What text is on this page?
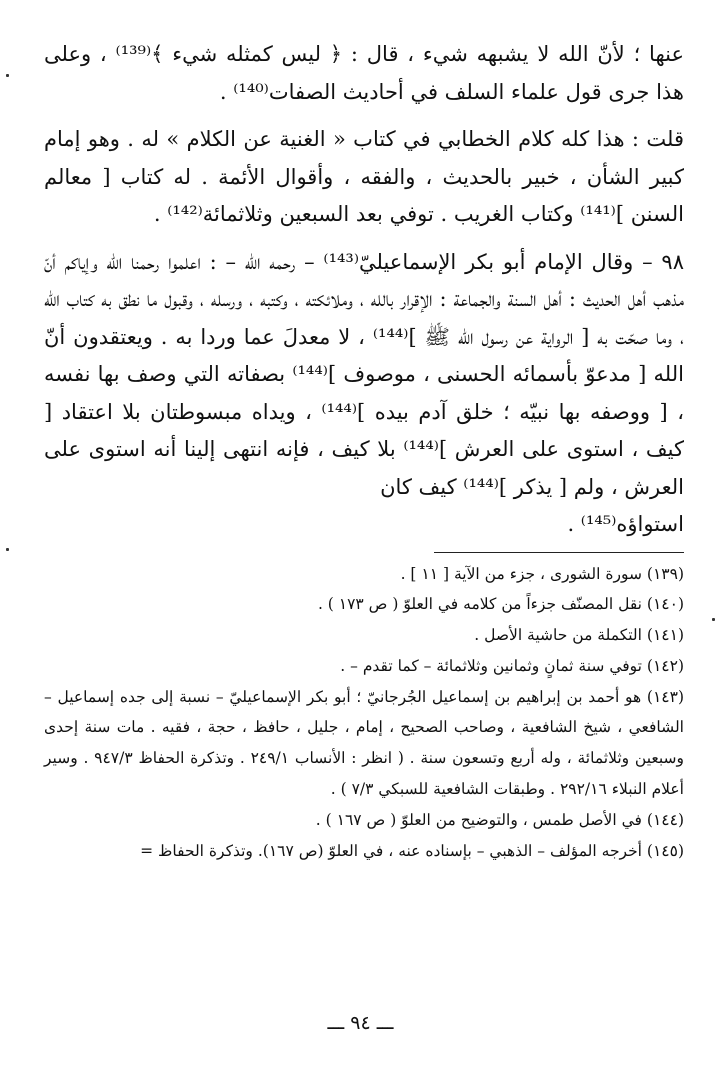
عنها ؛ لأنّ الله لا يشبهه شيء ، قال : ﴿ ليس كمثله شيء ﴾⁽¹³⁹⁾ ، وعلى هذا جرى قول علماء السلف في أحاديث الصفات⁽¹⁴⁰⁾ .

قلت : هذا كله كلام الخطابي في كتاب « الغنية عن الكلام » له . وهو إمام كبير الشأن ، خبير بالحديث ، والفقه ، وأقوال الأئمة . له كتاب [ معالم السنن ]⁽¹⁴¹⁾ وكتاب الغريب . توفي بعد السبعين وثلاثمائة⁽¹⁴²⁾ .

٩٨ – وقال الإمام أبو بكر الإسماعيليّ⁽¹⁴³⁾ – رحمه الله – : اعلموا رحمنا الله وإياكم أنّ مذهب أهل الحديث : أهل السنة والجماعة : الإقرار بالله ، وملائكته ، وكتبه ، ورسله ، وقبول ما نطق به كتاب الله ، وما صحّت به [ الرواية عن رسول الله ﷺ ]⁽¹⁴⁴⁾ ، لا معدلَ عما وردا به . ويعتقدون أنّ الله [ مدعوّ بأسمائه الحسنى ، موصوف ]⁽¹⁴⁴⁾ بصفاته التي وصف بها نفسه ، [ ووصفه بها نبيّه ؛ خلق آدم بيده ]⁽¹⁴⁴⁾ ، ويداه مبسوطتان بلا اعتقاد [ كيف ، استوى على العرش ]⁽¹⁴⁴⁾ بلا كيف ، فإنه انتهى إلينا أنه استوى على العرش ، ولم [ يذكر ]⁽¹⁴⁴⁾ كيف كان
استواؤه⁽¹⁴⁵⁾ .

(١٣٩) سورة الشورى ، جزء من الآية [ ١١ ] .

(١٤٠) نقل المصنّف جزءاً من كلامه في العلوّ ( ص ١٧٣ ) .

(١٤١) التكملة من حاشية الأصل .

(١٤٢) توفي سنة ثمانٍ وثمانين وثلاثمائة – كما تقدم – .

(١٤٣) هو أحمد بن إبراهيم بن إسماعيل الجُرجانيّ ؛ أبو بكر الإسماعيليّ – نسبة إلى جده إسماعيل – الشافعي ، شيخ الشافعية ، وصاحب الصحيح ، إمام ، جليل ، حافظ ، حجة ، فقيه . مات سنة إحدى وسبعين وثلاثمائة ، وله أربع وتسعون سنة . ( انظر : الأنساب ٢٤٩/١ . وتذكرة الحفاظ ٩٤٧/٣ . وسير أعلام النبلاء ٢٩٢/١٦ . وطبقات الشافعية للسبكي ٧/٣ ) .

(١٤٤) في الأصل طمس ، والتوضيح من العلوّ ( ص ١٦٧ ) .

(١٤٥) أخرجه المؤلف – الذهبي – بإسناده عنه ، في العلوّ (ص ١٦٧). وتذكرة الحفاظ =

ـــ ٩٤ ـــ
